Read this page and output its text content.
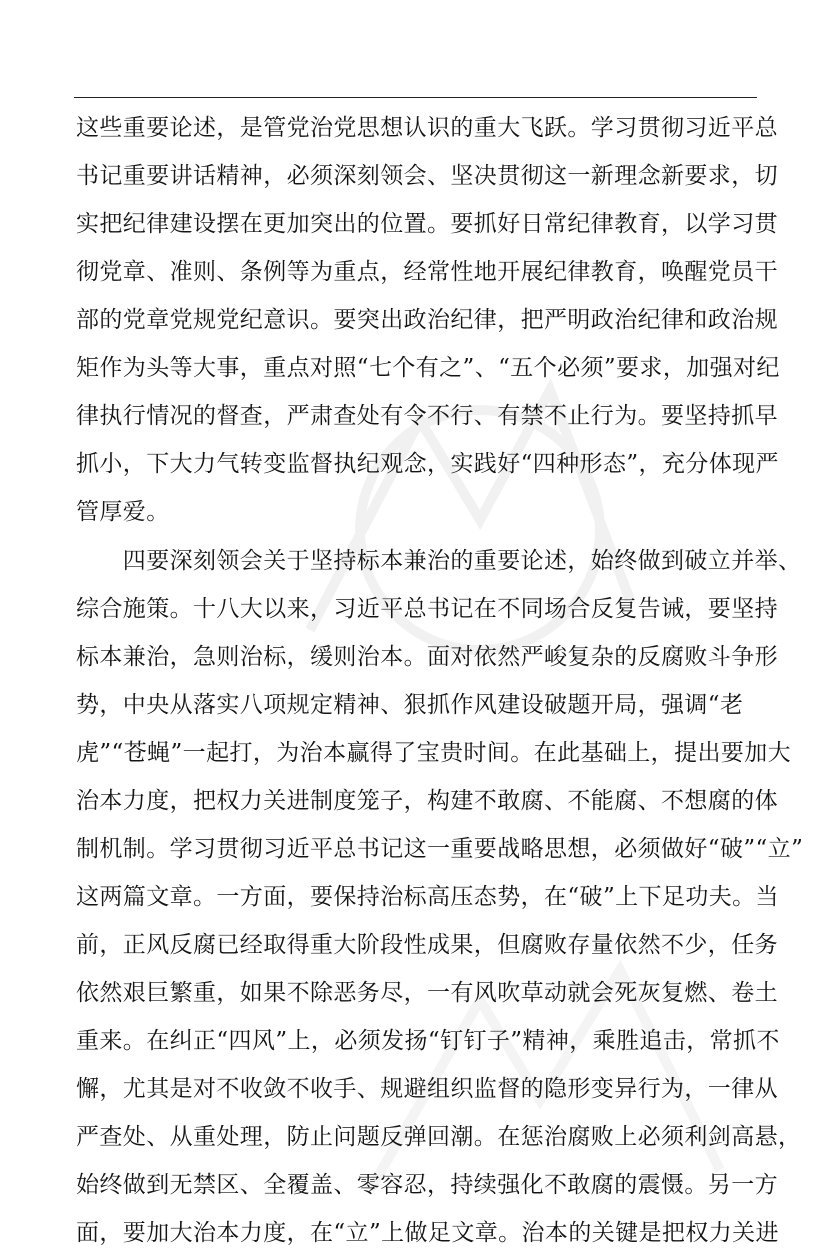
这些重要论述，是管党治党思想认识的重大飞跃。学习贯彻习近平总
书记重要讲话精神，必须深刻领会、坚决贯彻这一新理念新要求，切
实把纪律建设摆在更加突出的位置。要抓好日常纪律教育，以学习贯
彻党章、准则、条例等为重点，经常性地开展纪律教育，唤醒党员干
部的党章党规党纪意识。要突出政治纪律，把严明政治纪律和政治规
矩作为头等大事，重点对照“七个有之”、“五个必须”要求，加强对纪
律执行情况的督查，严肃查处有令不行、有禁不止行为。要坚持抓早
抓小，下大力气转变监督执纪观念，实践好“四种形态”，充分体现严
管厚爱。
　　四要深刻领会关于坚持标本兼治的重要论述，始终做到破立并举、
综合施策。十八大以来，习近平总书记在不同场合反复告诫，要坚持
标本兼治，急则治标，缓则治本。面对依然严峻复杂的反腐败斗争形
势，中央从落实八项规定精神、狠抓作风建设破题开局，强调“老
虎”“苍蝇”一起打，为治本赢得了宝贵时间。在此基础上，提出要加大
治本力度，把权力关进制度笼子，构建不敢腐、不能腐、不想腐的体
制机制。学习贯彻习近平总书记这一重要战略思想，必须做好“破”“立”
这两篇文章。一方面，要保持治标高压态势，在“破”上下足功夫。当
前，正风反腐已经取得重大阶段性成果，但腐败存量依然不少，任务
依然艰巨繁重，如果不除恶务尽，一有风吹草动就会死灰复燃、卷土
重来。在纠正“四风”上，必须发扬“钉钉子”精神，乘胜追击，常抓不
懈，尤其是对不收敛不收手、规避组织监督的隐形变异行为，一律从
严查处、从重处理，防止问题反弹回潮。在惩治腐败上必须利剑高悬，
始终做到无禁区、全覆盖、零容忍，持续强化不敢腐的震慑。另一方
面，要加大治本力度，在“立”上做足文章。治本的关键是把权力关进
